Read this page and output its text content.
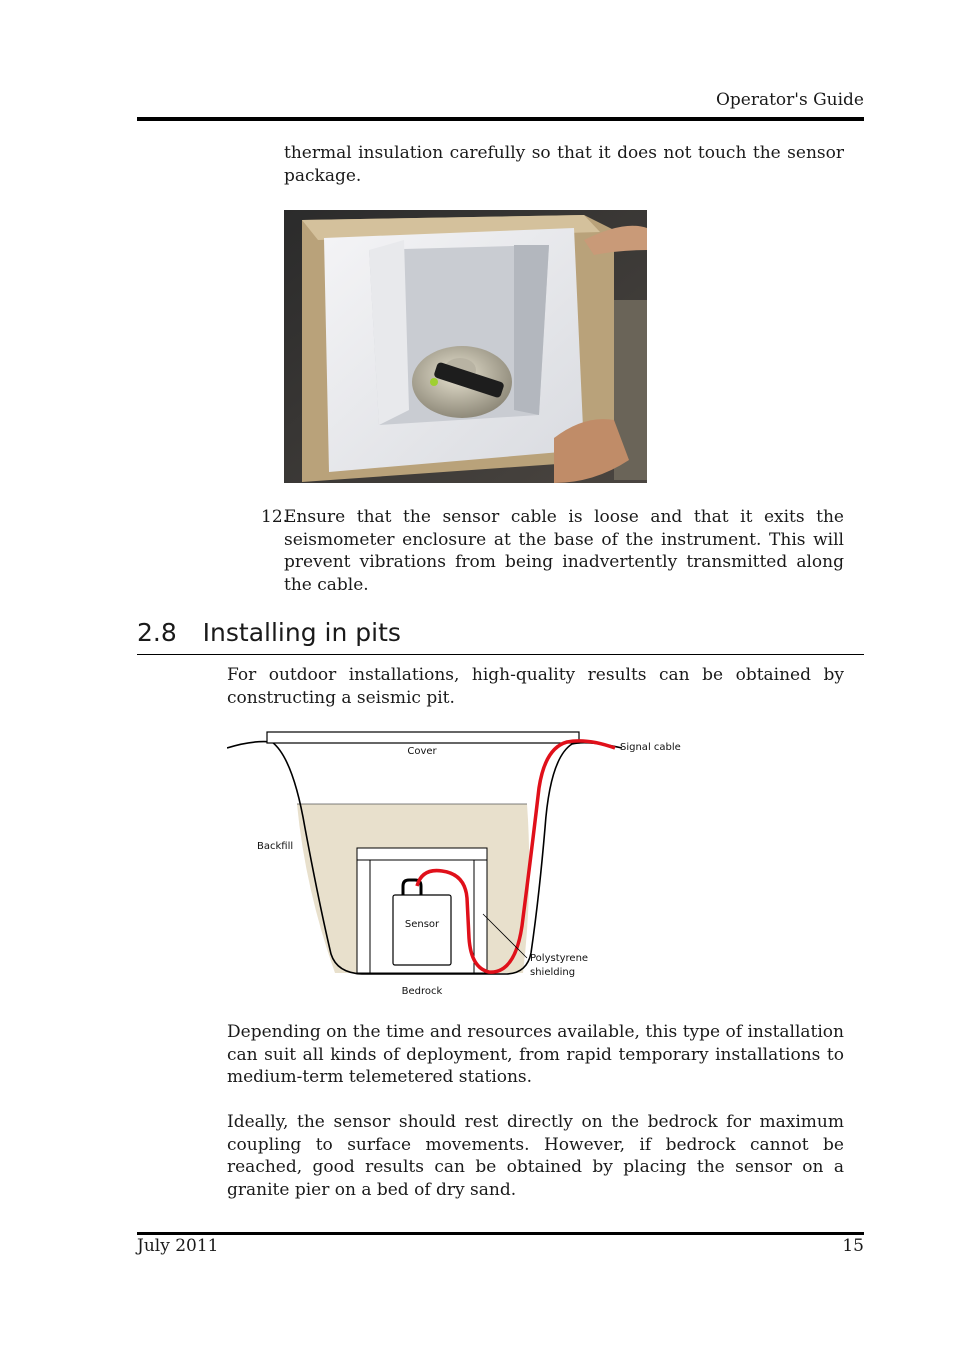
Operator's Guide
thermal insulation carefully so that it does not touch the sensor package.
12.
Ensure that the sensor cable is loose and that it exits the seismometer enclosure at the base of the instrument. This will prevent vibrations from being inadvertently transmitted along the cable.
2.8 Installing in pits
For outdoor installations, high-quality results can be obtained by constructing a seismic pit.
Cover	Signal cable
Backfill
Sensor
Polystyrene
shielding
Bedrock
Depending on the time and resources available, this type of installation can suit all kinds of deployment, from rapid temporary installations to medium-term telemetered stations.
Ideally, the sensor should rest directly on the bedrock for maximum coupling to surface movements. However, if bedrock cannot be reached, good results can be obtained by placing the sensor on a granite pier on a bed of dry sand.
July 2011	15
